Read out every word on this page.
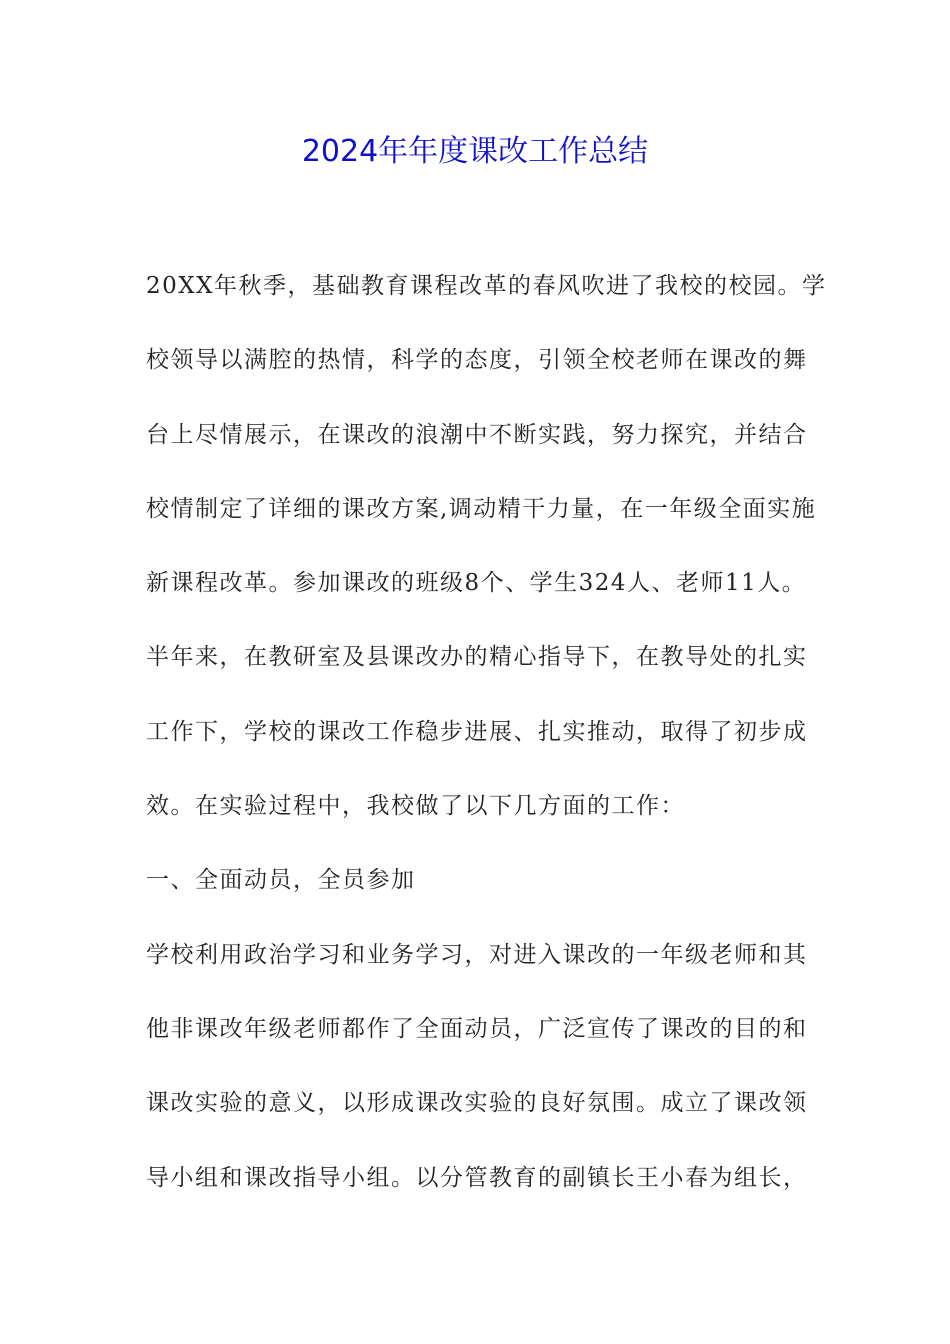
2024年年度课改工作总结

20XX年秋季，基础教育课程改革的春风吹进了我校的校园。学

校领导以满腔的热情，科学的态度，引领全校老师在课改的舞

台上尽情展示，在课改的浪潮中不断实践，努力探究，并结合

校情制定了详细的课改方案,调动精干力量，在一年级全面实施

新课程改革。参加课改的班级8个、学生324人、老师11人。

半年来，在教研室及县课改办的精心指导下，在教导处的扎实

工作下，学校的课改工作稳步进展、扎实推动，取得了初步成

效。在实验过程中，我校做了以下几方面的工作：

一、全面动员，全员参加

学校利用政治学习和业务学习，对进入课改的一年级老师和其

他非课改年级老师都作了全面动员，广泛宣传了课改的目的和

课改实验的意义，以形成课改实验的良好氛围。成立了课改领

导小组和课改指导小组。以分管教育的副镇长王小春为组长，
